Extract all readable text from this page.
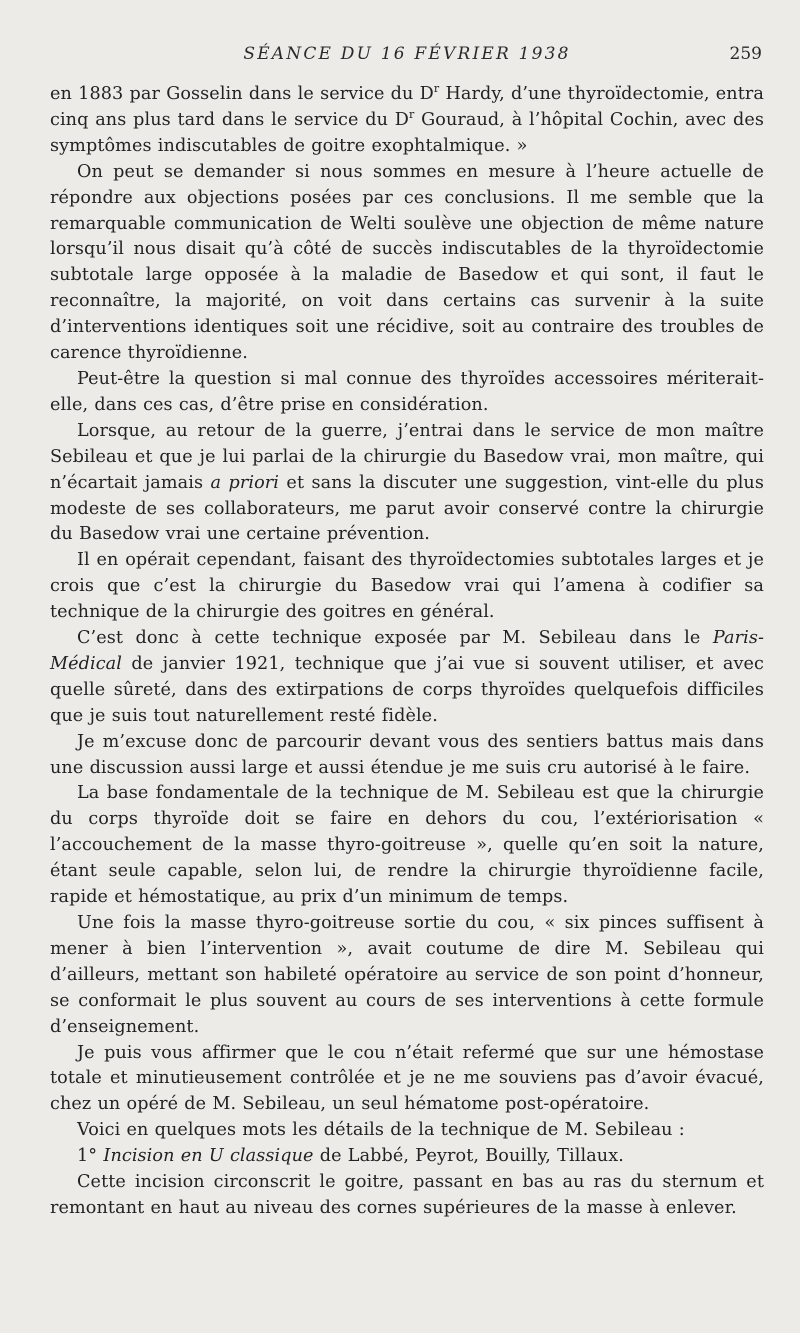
SÉANCE DU 16 FÉVRIER 1938	259

en 1883 par Gosselin dans le service du $D^r$ Hardy, d’une thyroïdectomie, entra cinq ans plus tard dans le service du $D^r$ Gouraud, à l’hôpital Cochin, avec des symptômes indiscutables de goitre exophtalmique. »

On peut se demander si nous sommes en mesure à l’heure actuelle de répondre aux objections posées par ces conclusions. Il me semble que la remarquable communication de Welti soulève une objection de même nature lorsqu’il nous disait qu’à côté de succès indiscutables de la thyroïdectomie subtotale large opposée à la maladie de Basedow et qui sont, il faut le reconnaître, la majorité, on voit dans certains cas survenir à la suite d’interventions identiques soit une récidive, soit au contraire des troubles de carence thyroïdienne.

Peut-être la question si mal connue des thyroïdes accessoires mériterait-elle, dans ces cas, d’être prise en considération.

Lorsque, au retour de la guerre, j’entrai dans le service de mon maître Sebileau et que je lui parlai de la chirurgie du Basedow vrai, mon maître, qui n’écartait jamais a priori et sans la discuter une suggestion, vint-elle du plus modeste de ses collaborateurs, me parut avoir conservé contre la chirurgie du Basedow vrai une certaine prévention.

Il en opérait cependant, faisant des thyroïdectomies subtotales larges et je crois que c’est la chirurgie du Basedow vrai qui l’amena à codifier sa technique de la chirurgie des goitres en général.

C’est donc à cette technique exposée par M. Sebileau dans le Paris-Médical de janvier 1921, technique que j’ai vue si souvent utiliser, et avec quelle sûreté, dans des extirpations de corps thyroïdes quelquefois difficiles que je suis tout naturellement resté fidèle.

Je m’excuse donc de parcourir devant vous des sentiers battus mais dans une discussion aussi large et aussi étendue je me suis cru autorisé à le faire.

La base fondamentale de la technique de M. Sebileau est que la chirurgie du corps thyroïde doit se faire en dehors du cou, l’extériorisation « l’accouchement de la masse thyro-goitreuse », quelle qu’en soit la nature, étant seule capable, selon lui, de rendre la chirurgie thyroïdienne facile, rapide et hémostatique, au prix d’un minimum de temps.

Une fois la masse thyro-goitreuse sortie du cou, « six pinces suffisent à mener à bien l’intervention », avait coutume de dire M. Sebileau qui d’ailleurs, mettant son habileté opératoire au service de son point d’honneur, se conformait le plus souvent au cours de ses interventions à cette formule d’enseignement.

Je puis vous affirmer que le cou n’était refermé que sur une hémostase totale et minutieusement contrôlée et je ne me souviens pas d’avoir évacué, chez un opéré de M. Sebileau, un seul hématome post-opératoire.

Voici en quelques mots les détails de la technique de M. Sebileau :

1° Incision en U classique de Labbé, Peyrot, Bouilly, Tillaux.

Cette incision circonscrit le goitre, passant en bas au ras du sternum et remontant en haut au niveau des cornes supérieures de la masse à enlever.
